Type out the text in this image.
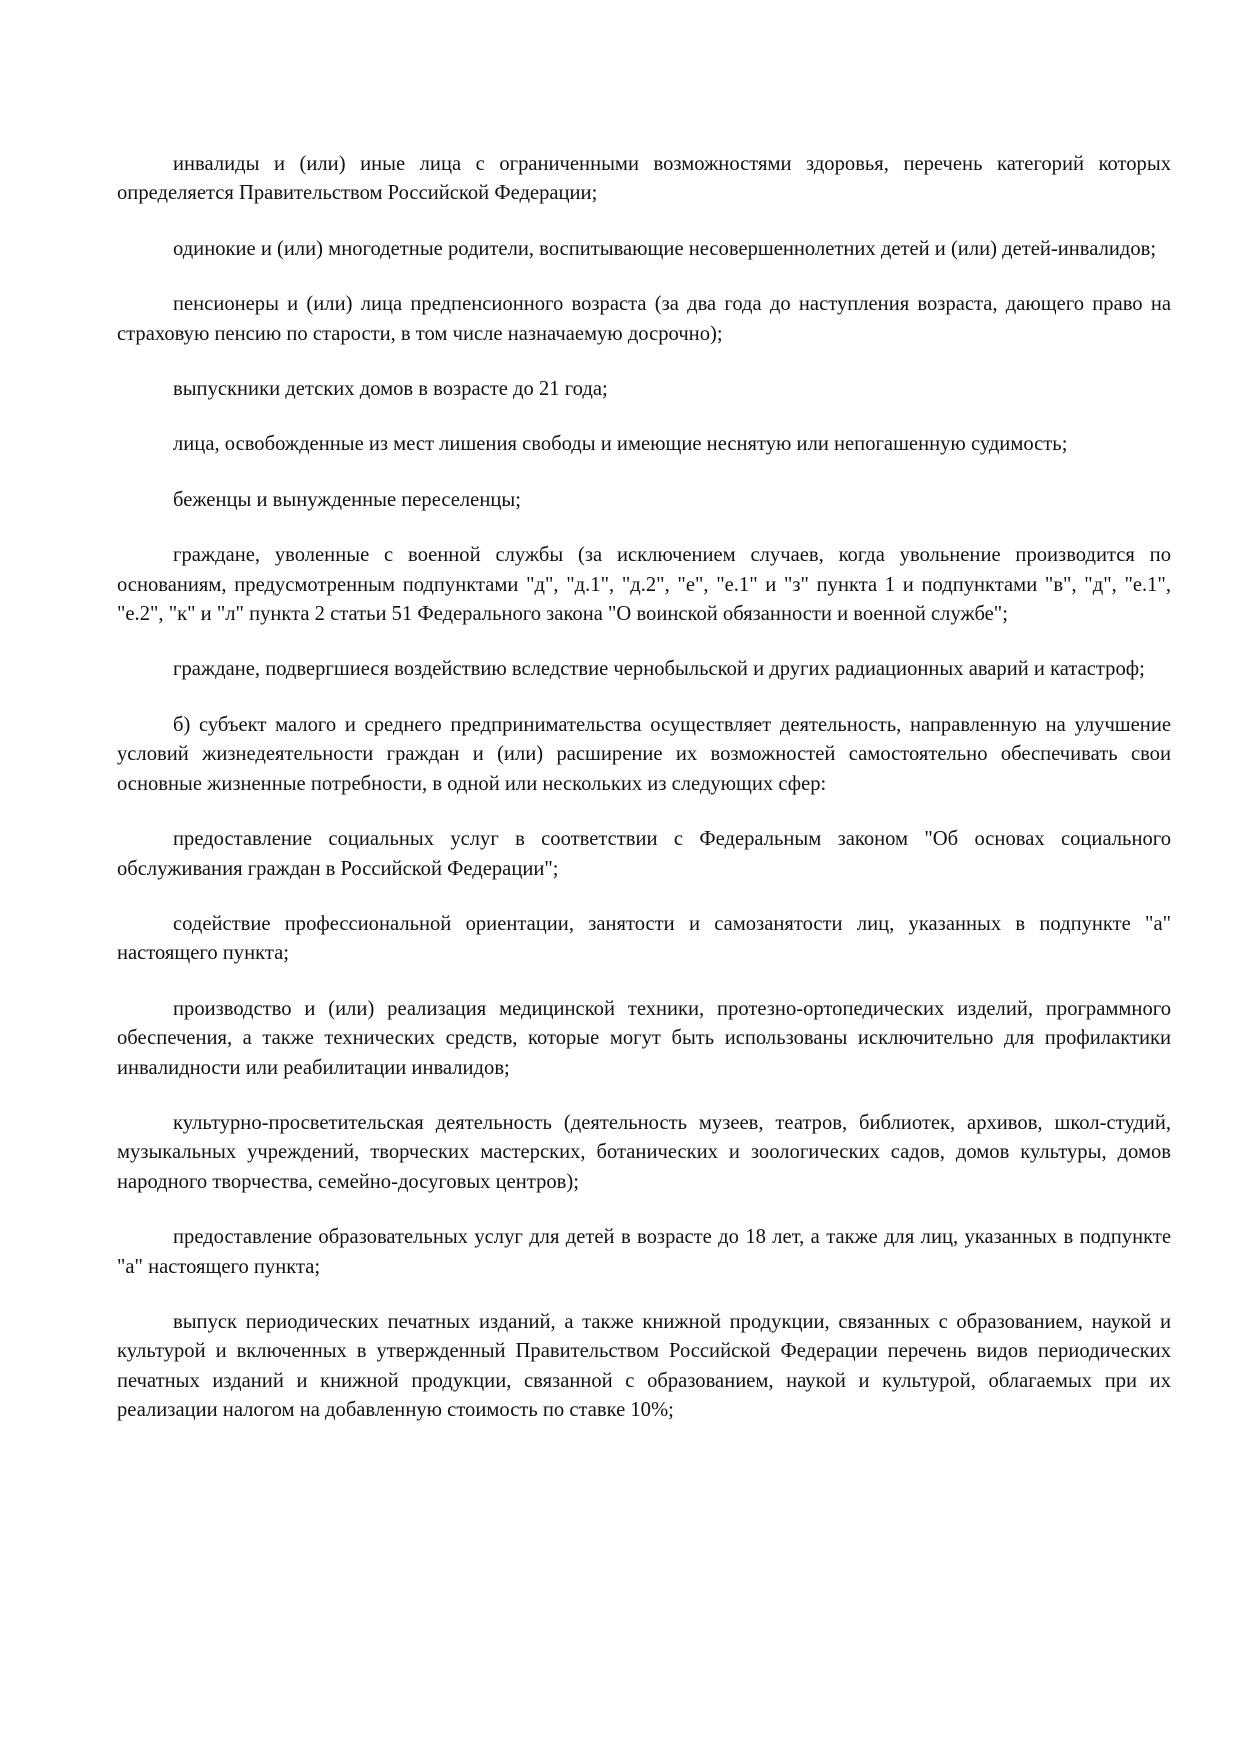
инвалиды и (или) иные лица с ограниченными возможностями здоровья, перечень категорий которых определяется Правительством Российской Федерации;

одинокие и (или) многодетные родители, воспитывающие несовершеннолетних детей и (или) детей-инвалидов;

пенсионеры и (или) лица предпенсионного возраста (за два года до наступления возраста, дающего право на страховую пенсию по старости, в том числе назначаемую досрочно);

выпускники детских домов в возрасте до 21 года;

лица, освобожденные из мест лишения свободы и имеющие неснятую или непогашенную судимость;

беженцы и вынужденные переселенцы;

граждане, уволенные с военной службы (за исключением случаев, когда увольнение производится по основаниям, предусмотренным подпунктами "д", "д.1", "д.2", "е", "е.1" и "з" пункта 1 и подпунктами "в", "д", "е.1", "е.2", "к" и "л" пункта 2 статьи 51 Федерального закона "О воинской обязанности и военной службе";

граждане, подвергшиеся воздействию вследствие чернобыльской и других радиационных аварий и катастроф;

б) субъект малого и среднего предпринимательства осуществляет деятельность, направленную на улучшение условий жизнедеятельности граждан и (или) расширение их возможностей самостоятельно обеспечивать свои основные жизненные потребности, в одной или нескольких из следующих сфер:

предоставление социальных услуг в соответствии с Федеральным законом "Об основах социального обслуживания граждан в Российской Федерации";

содействие профессиональной ориентации, занятости и самозанятости лиц, указанных в подпункте "а" настоящего пункта;

производство и (или) реализация медицинской техники, протезно-ортопедических изделий, программного обеспечения, а также технических средств, которые могут быть использованы исключительно для профилактики инвалидности или реабилитации инвалидов;

культурно-просветительская деятельность (деятельность музеев, театров, библиотек, архивов, школ-студий, музыкальных учреждений, творческих мастерских, ботанических и зоологических садов, домов культуры, домов народного творчества, семейно-досуговых центров);

предоставление образовательных услуг для детей в возрасте до 18 лет, а также для лиц, указанных в подпункте "а" настоящего пункта;

выпуск периодических печатных изданий, а также книжной продукции, связанных с образованием, наукой и культурой и включенных в утвержденный Правительством Российской Федерации перечень видов периодических печатных изданий и книжной продукции, связанной с образованием, наукой и культурой, облагаемых при их реализации налогом на добавленную стоимость по ставке 10%;
